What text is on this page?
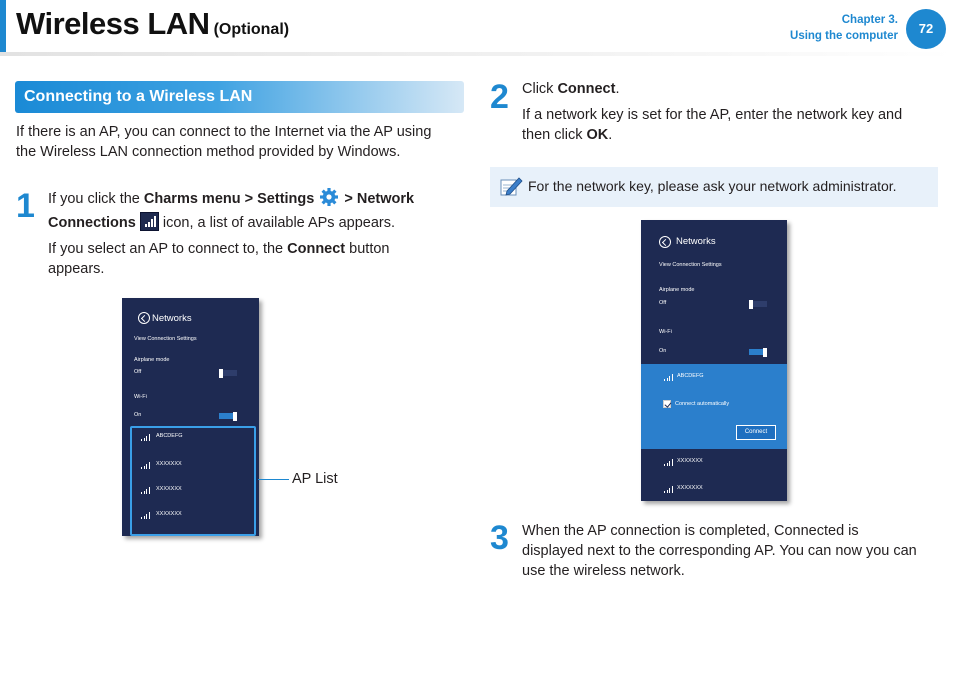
Wireless LAN (Optional)
Chapter 3.
Using the computer	72
Connecting to a Wireless LAN
If there is an AP, you can connect to the Internet via the AP using
the Wireless LAN connection method provided by Windows.
1 If you click the Charms menu > Settings > Network
Connections
icon, a list of available APs appears.
If you select an AP to connect to, the Connect button
appears.
Networks
View Connection Settings
Airplane mode
Off
Wi-Fi
On
ABCDEFG
XXXXXXX
XXXXXXX
XXXXXXX
AP List
2 Click Connect.
If a network key is set for the AP, enter the network key and
then click OK.
For the network key, please ask your network administrator.
Networks
View Connection Settings
Airplane mode
Off
Wi-Fi
On
ABCDEFG
Connect automatically
Connect
XXXXXXX
XXXXXXX
3 When the AP connection is completed, Connected is
displayed next to the corresponding AP. You can now you can
use the wireless network.
